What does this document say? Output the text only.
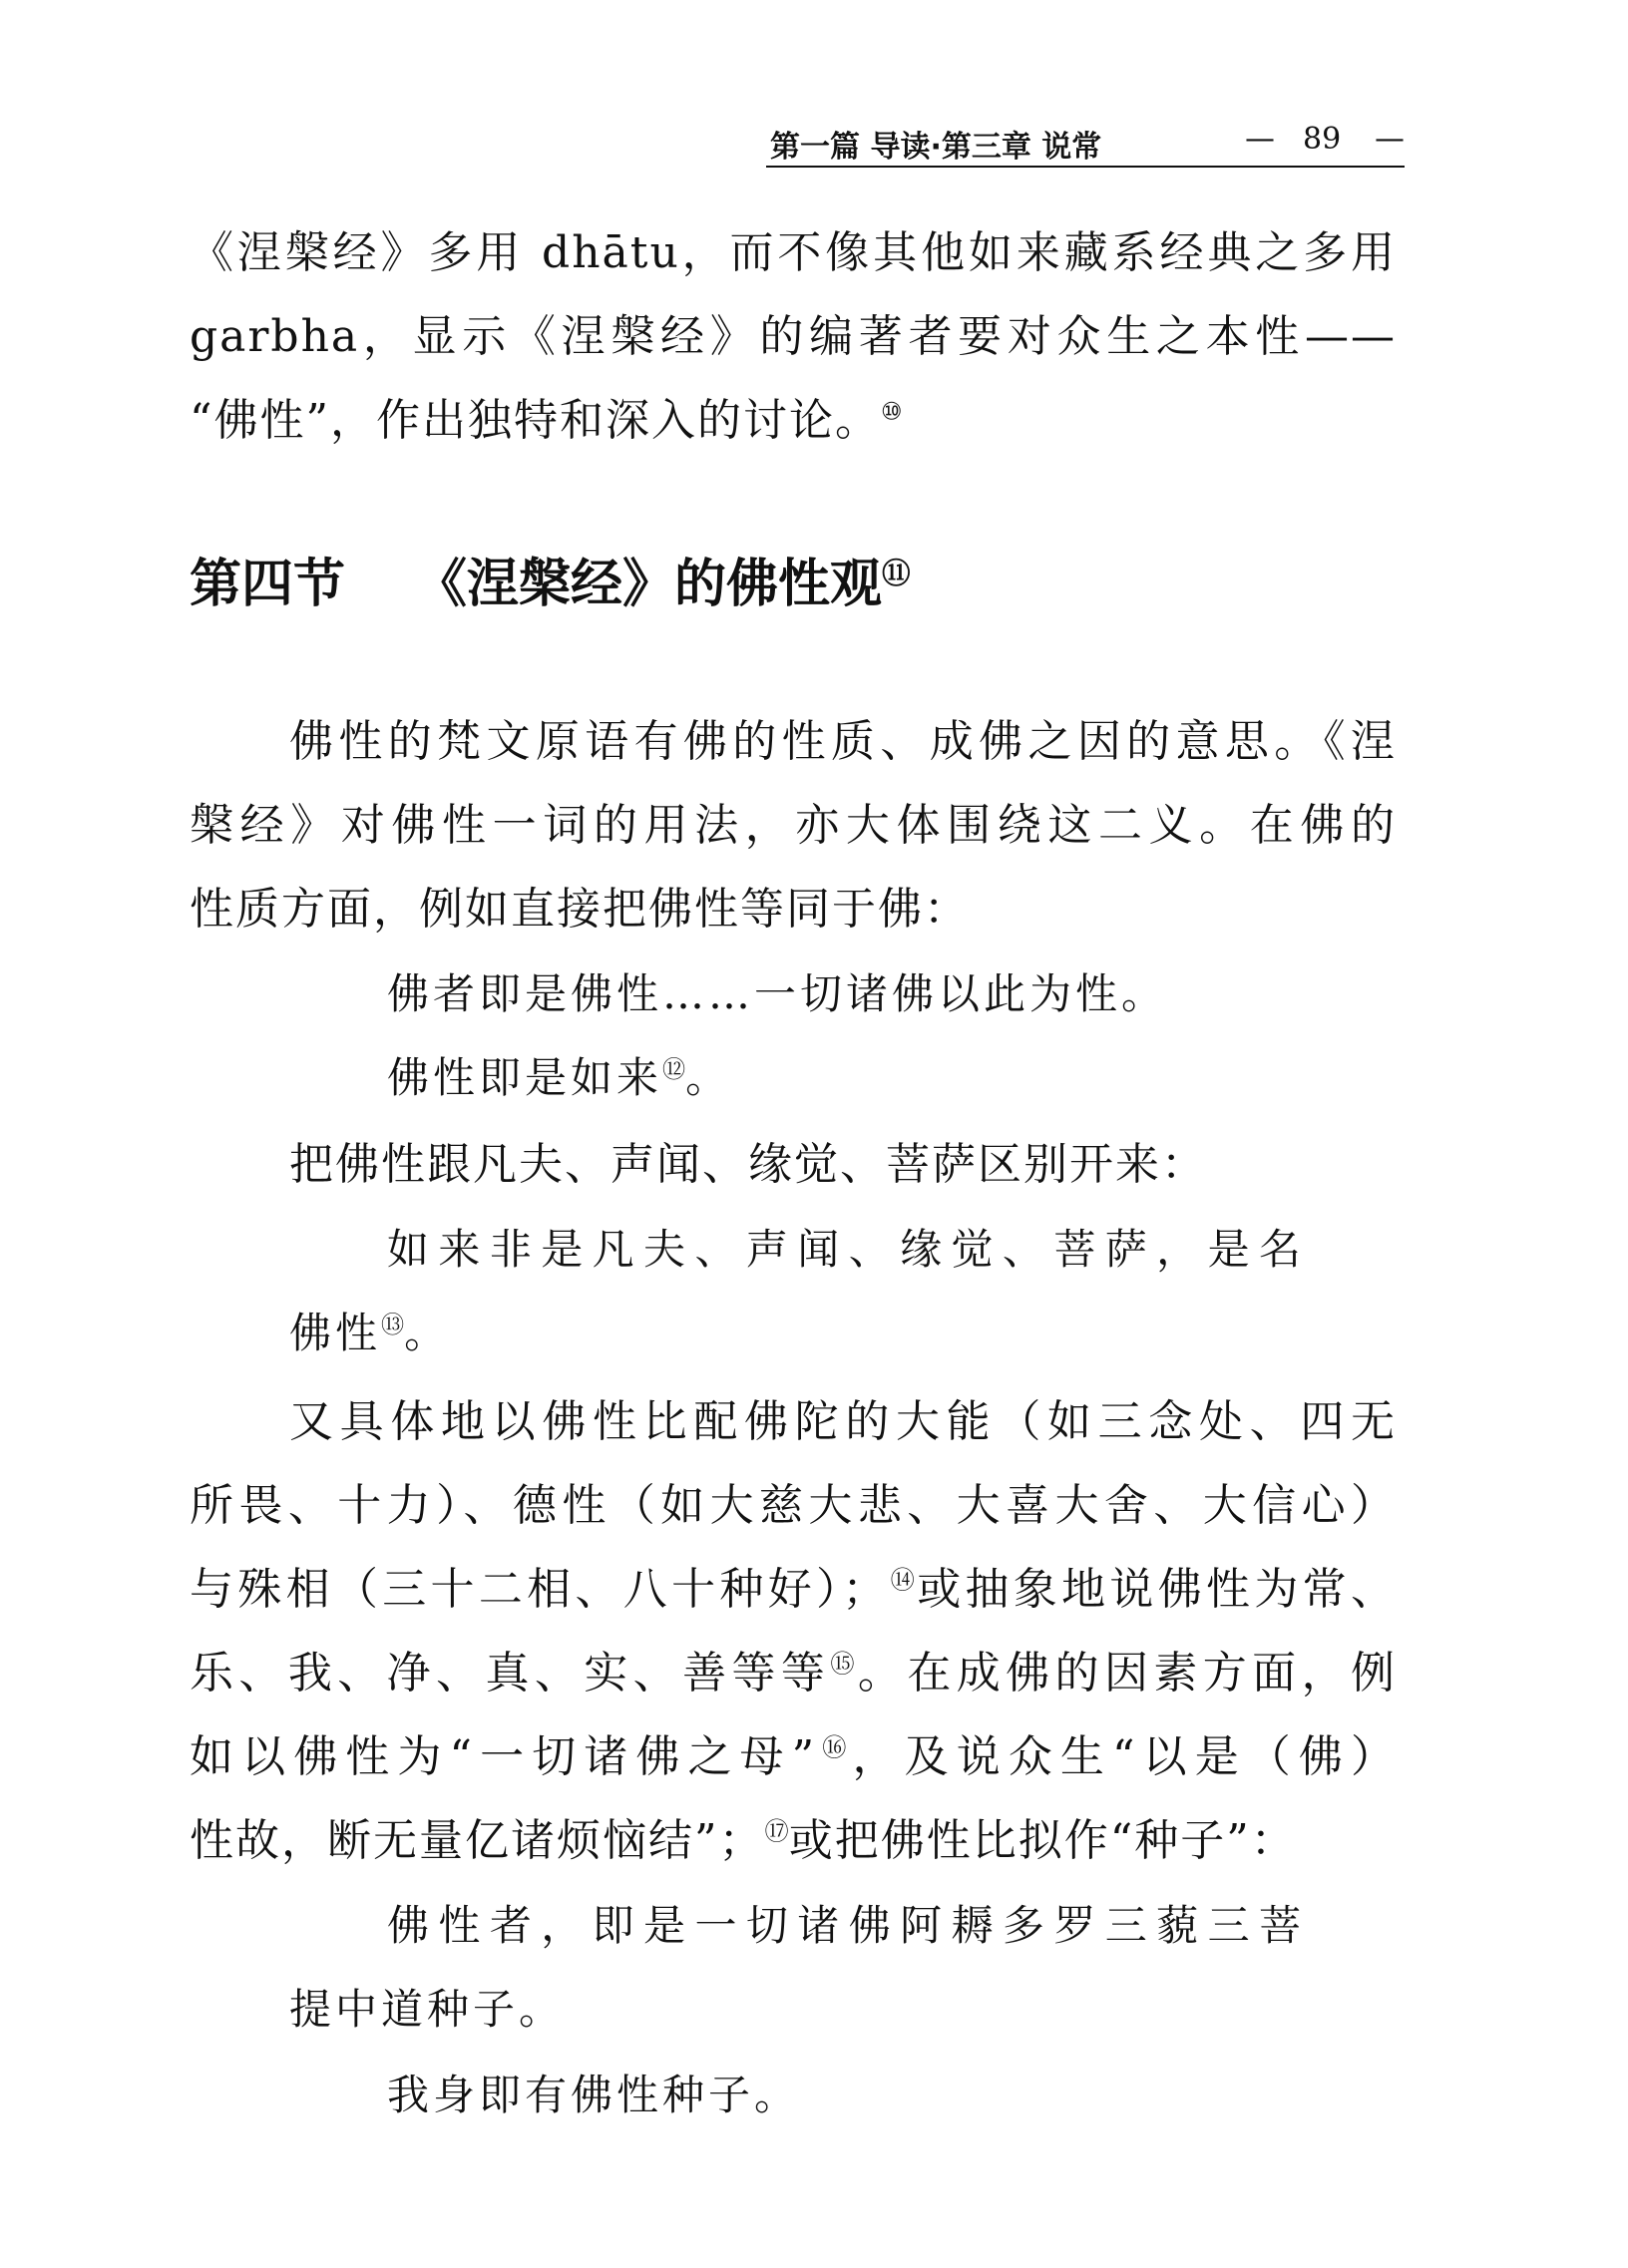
第一篇 导读·第三章 说常	— 89 —
《涅槃经》多用 dhātu，而不像其他如来藏系经典之多用
garbha，显示《涅槃经》的编著者要对众生之本性——
“佛性”，作出独特和深入的讨论。⑩
第四节 《涅槃经》的佛性观⑪
佛性的梵文原语有佛的性质、成佛之因的意思。《涅
槃经》对佛性一词的用法，亦大体围绕这二义。在佛的
性质方面，例如直接把佛性等同于佛：
佛者即是佛性……一切诸佛以此为性。
佛性即是如来⑫。
把佛性跟凡夫、声闻、缘觉、菩萨区别开来：
如来非是凡夫、声闻、缘觉、菩萨，是名
佛性⑬。
又具体地以佛性比配佛陀的大能（如三念处、四无
所畏、十力）、德性（如大慈大悲、大喜大舍、大信心）
与殊相（三十二相、八十种好）；⑭或抽象地说佛性为常、
乐、我、净、真、实、善等等⑮。在成佛的因素方面，例
如以佛性为“一切诸佛之母”⑯，及说众生“以是（佛）
性故，断无量亿诸烦恼结”；⑰或把佛性比拟作“种子”：
佛性者，即是一切诸佛阿耨多罗三藐三菩
提中道种子。
我身即有佛性种子。
